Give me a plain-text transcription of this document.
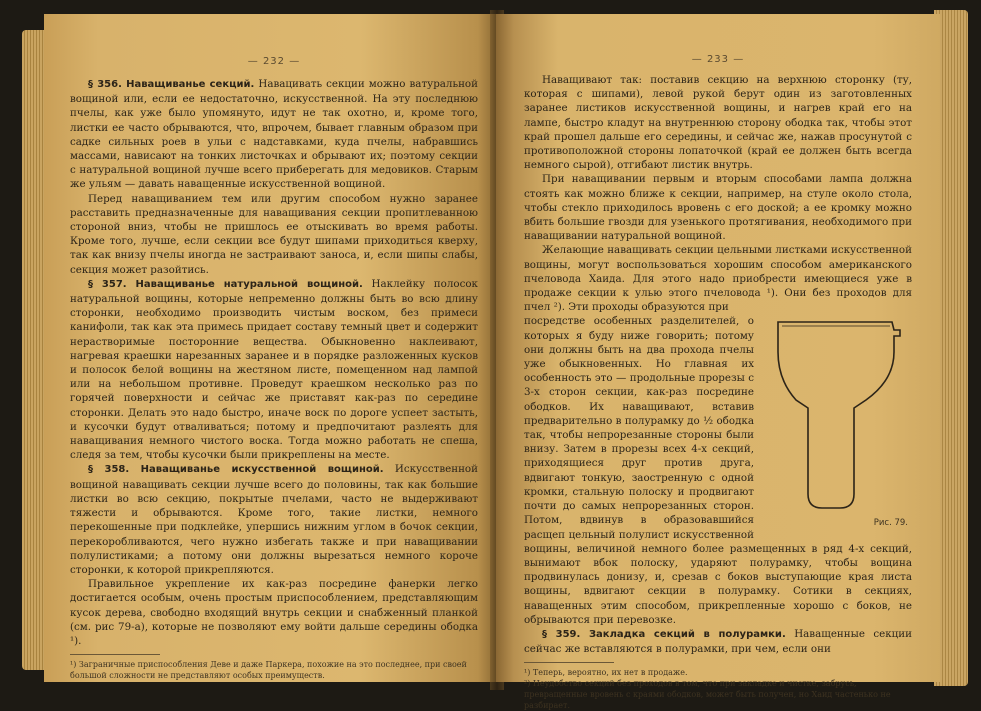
— 232 —

§ 356. Наващиванье секций. Навацивать секции можно ватуральной вощиной или, если ее недостаточно, искусственной. На эту последнюю пчелы, как уже было упомянуто, идут не так охотно, и, кроме того, листки ее часто обрываются, что, впрочем, бывает главным образом при садке сильных роев в ульи с надставками, куда пчелы, набравшись массами, нависают на тонких листочках и обрывают их; поэтому секции с натуральной вощиной лучше всего приберегать для медовиков. Старым же ульям — давать наващенные искусственной вощиной.

Перед наващиванием тем или другим способом нужно заранее расставить предназначенные для наващивания секции пропитлеванною стороной вниз, чтобы не пришлось ее отыскивать во время работы. Кроме того, лучше, если секции все будут шипами приходиться кверху, так как внизу пчелы иногда не застраивают заноса, и, если шипы слабы, секция может разойтись.

§ 357. Наващиванье натуральной вощиной. Наклейку полосок натуральной вощины, которые непременно должны быть во всю длину сторонки, необходимо производить чистым воском, без примеси канифоли, так как эта примесь придает составу темный цвет и содержит нерастворимые посторонние вещества. Обыкновенно наклеивают, нагревая краешки нарезанных заранее и в порядке разложенных кусков и полосок белой вощины на жестяном листе, помещенном над лампой или на небольшом противне. Проведут краешком несколько раз по горячей поверхности и сейчас же приставят как-раз по середине сторонки. Делать это надо быстро, иначе воск по дороге успеет застыть, и кусочки будут отваливаться; потому и предпочитают разлеять для наващивания немного чистого воска. Тогда можно работать не спеша, следя за тем, чтобы кусочки были прикреплены на месте.

§ 358. Наващиванье искусственной вощиной. Искусственной вощиной наващивать секции лучше всего до половины, так как большие листки во всю секцию, покрытые пчелами, часто не выдерживают тяжести и обрываются. Кроме того, такие листки, немного перекошенные при подклейке, упершись нижним углом в бочок секции, перекоробливаются, чего нужно избегать также и при наващивании полулистиками; а потому они должны вырезаться немного короче сторонки, к которой прикрепляются.

Правильное укрепление их как-раз посредине фанерки легко достигается особым, очень простым приспособлением, представляющим кусок дерева, свободно входящий внутрь секции и снабженный планкой (см. рис 79-а), которые не позволяют ему войти дальше середины ободка ¹).

¹) Заграничные приспособления Деве и даже Паркера, похожие на это последнее, при своей большой сложности не представляют особых преимуществ.
— 233 —

Наващивают так: поставив секцию на верхнюю сторонку (ту, которая с шипами), левой рукой берут один из заготовленных заранее листиков искусственной вощины, и нагрев край его на лампе, быстро кладут на внутреннюю сторону ободка так, чтобы этот край прошел дальше его середины, и сейчас же, нажав просунутой с противоположной стороны лопаточкой (край ее должен быть всегда немного сырой), отгибают листик внутрь.

При наващивании первым и вторым способами лампа должна стоять как можно ближе к секции, например, на стуле около стола, чтобы стекло приходилось вровень с его доской; а ее кромку можно вбить большие гвозди для узенького протягивания, необходимого при наващивании натуральной вощиной.

Желающие наващивать секции цельными листками искусственной вощины, могут воспользоваться хорошим способом американского пчеловода Хаида. Для этого надо приобрести имеющиеся уже в продаже секции к улью этого пчеловода ¹). Они без проходов для пчел ²). Эти проходы образуются при

Рис. 79.

посредстве особенных разделителей, о которых я буду ниже говорить; потому они должны быть на два прохода пчелы уже обыкновенных. Но главная их особенность это — продольные прорезы с 3-х сторон секции, как-раз посредине ободков. Их наващивают, вставив предварительно в полурамку до ½ ободка так, чтобы непрорезанные стороны были внизу. Затем в прорезы всех 4-х секций, приходящиеся друг против друга, вдвигают тонкую, заостренную с одной кромки, стальную полоску и продвигают почти до самых непрорезанных сторон. Потом, вдвинув в образовавшийся расщеп цельный полулист искусственной вощины, величиной немного более размещенных в ряд 4-х секций, вынимают вбок полоску, ударяют полурамку, чтобы вощина продвинулась донизу, и, срезав с боков выступающие края листа вощины, вдвигают секции в полурамку. Сотики в секциях, наващенных этим способом, прикрепленные хорошо с боков, не обрываются при перевозке.

§ 359. Закладка секций в полурамки. Наващенные секции сейчас же вставляются в полурамки, при чем, если они

¹) Теперь, вероятно, их нет в продаже.
²) Неудобство секций без проходов в том, что при закладке и чистке, забрусь, превращенные вровень с краями ободков, может быть получен, но Хаид частенько не разбирает.
